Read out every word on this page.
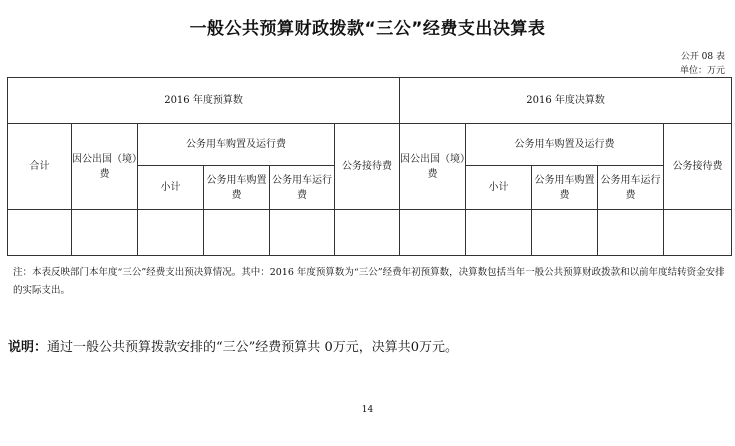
一般公共预算财政拨款“三公”经费支出决算表
公开 08 表
单位：万元
2016 年度预算数						2016 年度决算数				
合计	因公出国（境）费	公务用车购置及运行费			公务接待费	因公出国（境）费	公务用车购置及运行费			公务接待费
		小计	公务用车购置费	公务用车运行费			小计	公务用车购置费	公务用车运行费	

注：本表反映部门本年度“三公”经费支出预决算情况。其中：2016 年度预算数为“三公”经费年初预算数，决算数包括当年一般公共预算财政拨款和以前年度结转资金安排的实际支出。
说明：通过一般公共预算拨款安排的“三公”经费预算共 0万元，决算共0万元。
14
